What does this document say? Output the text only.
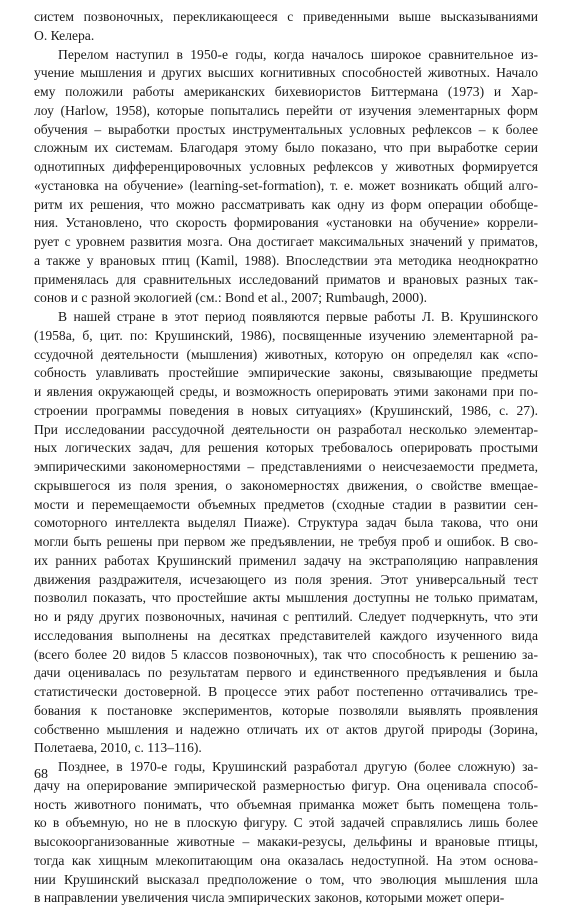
систем позвоночных, перекликающееся с приведенными выше высказываниями
О. Келера.

Перелом наступил в 1950-е годы, когда началось широкое сравнительное из-
учение мышления и других высших когнитивных способностей животных. Начало
ему положили работы американских бихевиористов Биттермана (1973) и Хар-
лоу (Harlow, 1958), которые попытались перейти от изучения элементарных форм
обучения – выработки простых инструментальных условных рефлексов – к более
сложным их системам. Благодаря этому было показано, что при выработке серии
однотипных дифференцировочных условных рефлексов у животных формируется
«установка на обучение» (learning-set-formation), т. е. может возникать общий алго-
ритм их решения, что можно рассматривать как одну из форм операции обобще-
ния. Установлено, что скорость формирования «установки на обучение» коррели-
рует с уровнем развития мозга. Она достигает максимальных значений у приматов,
а также у врановых птиц (Kamil, 1988). Впоследствии эта методика неоднократно
применялась для сравнительных исследований приматов и врановых разных так-
сонов и с разной экологией (см.: Bond et al., 2007; Rumbaugh, 2000).

В нашей стране в этот период появляются первые работы Л. В. Крушинского
(1958а, б, цит. по: Крушинский, 1986), посвященные изучению элементарной ра-
ссудочной деятельности (мышления) животных, которую он определял как «спо-
собность улавливать простейшие эмпирические законы, связывающие предметы
и явления окружающей среды, и возможность оперировать этими законами при по-
строении программы поведения в новых ситуациях» (Крушинский, 1986, с. 27).
При исследовании рассудочной деятельности он разработал несколько элементар-
ных логических задач, для решения которых требовалось оперировать простыми
эмпирическими закономерностями – представлениями о неисчезаемости предмета,
скрывшегося из поля зрения, о закономерностях движения, о свойстве вмещае-
мости и перемещаемости объемных предметов (сходные стадии в развитии сен-
сомоторного интеллекта выделял Пиаже). Структура задач была такова, что они
могли быть решены при первом же предъявлении, не требуя проб и ошибок. В сво-
их ранних работах Крушинский применил задачу на экстраполяцию направления
движения раздражителя, исчезающего из поля зрения. Этот универсальный тест
позволил показать, что простейшие акты мышления доступны не только приматам,
но и ряду других позвоночных, начиная с рептилий. Следует подчеркнуть, что эти
исследования выполнены на десятках представителей каждого изученного вида
(всего более 20 видов 5 классов позвоночных), так что способность к решению за-
дачи оценивалась по результатам первого и единственного предъявления и была
статистически достоверной. В процессе этих работ постепенно оттачивались тре-
бования к постановке экспериментов, которые позволяли выявлять проявления
собственно мышления и надежно отличать их от актов другой природы (Зорина,
Полетаева, 2010, с. 113–116).

Позднее, в 1970-е годы, Крушинский разработал другую (более сложную) за-
дачу на оперирование эмпирической размерностью фигур. Она оценивала способ-
ность животного понимать, что объемная приманка может быть помещена толь-
ко в объемную, но не в плоскую фигуру. С этой задачей справлялись лишь более
высокоорганизованные животные – макаки-резусы, дельфины и врановые птицы,
тогда как хищным млекопитающим она оказалась недоступной. На этом основа-
нии Крушинский высказал предположение о том, что эволюция мышления шла
в направлении увеличения числа эмпирических законов, которыми может опери-

68
